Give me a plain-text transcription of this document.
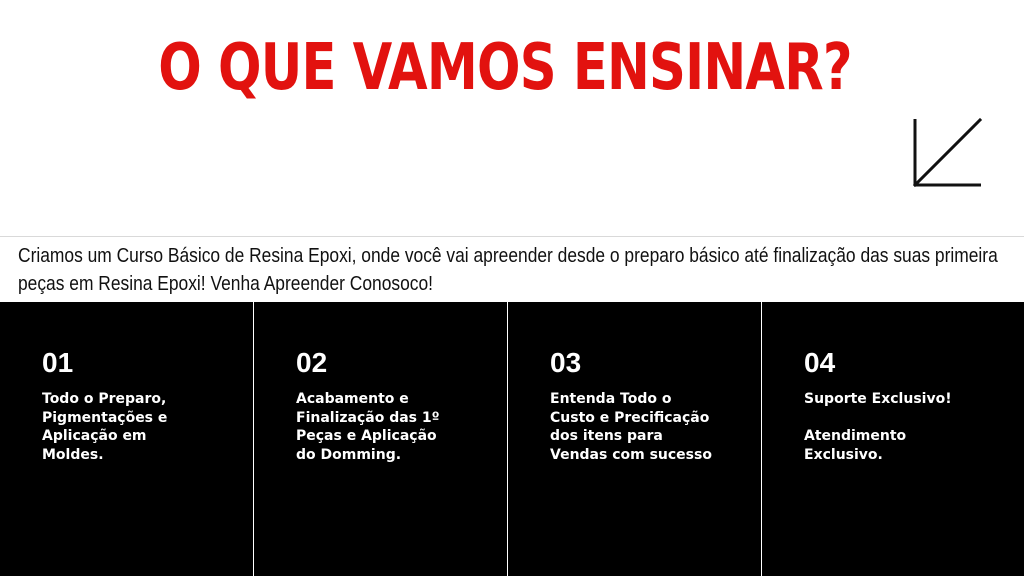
O QUE VAMOS ENSINAR?

Criamos um Curso Básico de Resina Epoxi, onde você vai apreender desde o preparo básico até finalização das suas primeira peças em Resina Epoxi! Venha Apreender Conosoco!

01
Todo o Preparo,
Pigmentações e
Aplicação em
Moldes.
02
Acabamento e
Finalização das 1º
Peças e Aplicação
do Domming.
03
Entenda Todo o
Custo e Precificação
dos itens para
Vendas com sucesso
04
Suporte Exclusivo!

Atendimento
Exclusivo.
